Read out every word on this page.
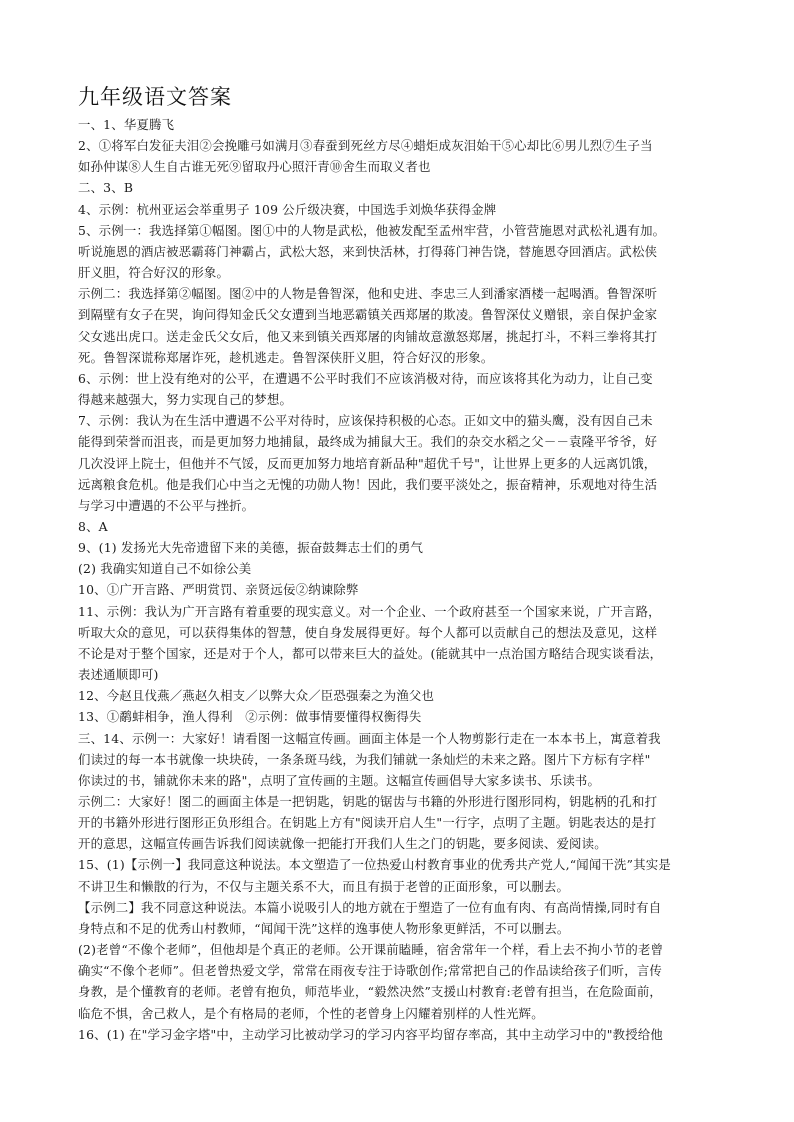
九年级语文答案
一、1、华夏腾飞
2、①将军白发征夫泪②会挽雕弓如满月③春蚕到死丝方尽④蜡炬成灰泪始干⑤心却比⑥男儿烈⑦生子当
如孙仲谋⑧人生自古谁无死⑨留取丹心照汗青⑩舍生而取义者也
二、3、B
4、示例：杭州亚运会举重男子 109 公斤级决赛，中国选手刘焕华获得金牌
5、示例一：我选择第①幅图。图①中的人物是武松，他被发配至孟州牢营，小管营施恩对武松礼遇有加。
听说施恩的酒店被恶霸蒋门神霸占，武松大怒，来到快活林，打得蒋门神告饶，替施恩夺回酒店。武松侠
肝义胆，符合好汉的形象。
示例二：我选择第②幅图。图②中的人物是鲁智深，他和史进、李忠三人到潘家酒楼一起喝酒。鲁智深听
到隔壁有女子在哭，询问得知金氏父女遭到当地恶霸镇关西郑屠的欺凌。鲁智深仗义赠银，亲自保护金家
父女逃出虎口。送走金氏父女后，他又来到镇关西郑屠的肉铺故意激怒郑屠，挑起打斗，不料三拳将其打
死。鲁智深谎称郑屠诈死，趁机逃走。鲁智深侠肝义胆，符合好汉的形象。
6、示例：世上没有绝对的公平，在遭遇不公平时我们不应该消极对待，而应该将其化为动力，让自己变
得越来越强大，努力实现自己的梦想。
7、示例：我认为在生活中遭遇不公平对待时，应该保持积极的心态。正如文中的猫头鹰，没有因自己未
能得到荣誉而沮丧，而是更加努力地捕鼠，最终成为捕鼠大王。我们的杂交水稻之父－－袁隆平爷爷，好
几次没评上院士，但他并不气馁，反而更加努力地培育新品种"超优千号"，让世界上更多的人远离饥饿，
远离粮食危机。他是我们心中当之无愧的功勋人物！因此，我们要平淡处之，振奋精神，乐观地对待生活
与学习中遭遇的不公平与挫折。
8、A
9、(1) 发扬光大先帝遗留下来的美德，振奋鼓舞志士们的勇气
(2) 我确实知道自己不如徐公美
10、①广开言路、严明赏罚、亲贤远佞②纳谏除弊
11、示例：我认为广开言路有着重要的现实意义。对一个企业、一个政府甚至一个国家来说，广开言路，
听取大众的意见，可以获得集体的智慧，使自身发展得更好。每个人都可以贡献自己的想法及意见，这样
不论是对于整个国家，还是对于个人，都可以带来巨大的益处。(能就其中一点治国方略结合现实谈看法，
表述通顺即可)
12、今赵且伐燕／燕赵久相支／以弊大众／臣恐强秦之为渔父也
13、①鹬蚌相争，渔人得利　②示例：做事情要懂得权衡得失
三、14、示例一：大家好！请看图一这幅宣传画。画面主体是一个人物剪影行走在一本本书上，寓意着我
们读过的每一本书就像一块块砖，一条条斑马线，为我们铺就一条灿烂的未来之路。图片下方标有字样"
你读过的书，铺就你未来的路"，点明了宣传画的主题。这幅宣传画倡导大家多读书、乐读书。
示例二：大家好！图二的画面主体是一把钥匙，钥匙的锯齿与书籍的外形进行图形同构，钥匙柄的孔和打
开的书籍外形进行图形正负形组合。在钥匙上方有"阅读开启人生"一行字，点明了主题。钥匙表达的是打
开的意思，这幅宣传画告诉我们阅读就像一把能打开我们人生之门的钥匙，要多阅读、爱阅读。
15、(1)【示例一】我同意这种说法。本文塑造了一位热爱山村教育事业的优秀共产党人,“闻闻干洗”其实是
不讲卫生和懒散的行为，不仅与主题关系不大，而且有损于老曾的正面形象，可以删去。
【示例二】我不同意这种说法。本篇小说吸引人的地方就在于塑造了一位有血有肉、有高尚情操,同时有自
身特点和不足的优秀山村教师，“闻闻干洗”这样的逸事使人物形象更鲜活，不可以删去。
(2)老曾“不像个老师”，但他却是个真正的老师。公开课前瞌睡，宿舍常年一个样，看上去不拘小节的老曾
确实“不像个老师”。但老曾热爱文学，常常在雨夜专注于诗歌创作;常常把自己的作品读给孩子们听，言传
身教，是个懂教育的老师。老曾有抱负，师范毕业，“毅然决然”支援山村教育:老曾有担当，在危险面前，
临危不惧，舍己救人，是个有格局的老师，个性的老曾身上闪耀着别样的人性光辉。
16、(1) 在"学习金字塔"中，主动学习比被动学习的学习内容平均留存率高，其中主动学习中的"教授给他
